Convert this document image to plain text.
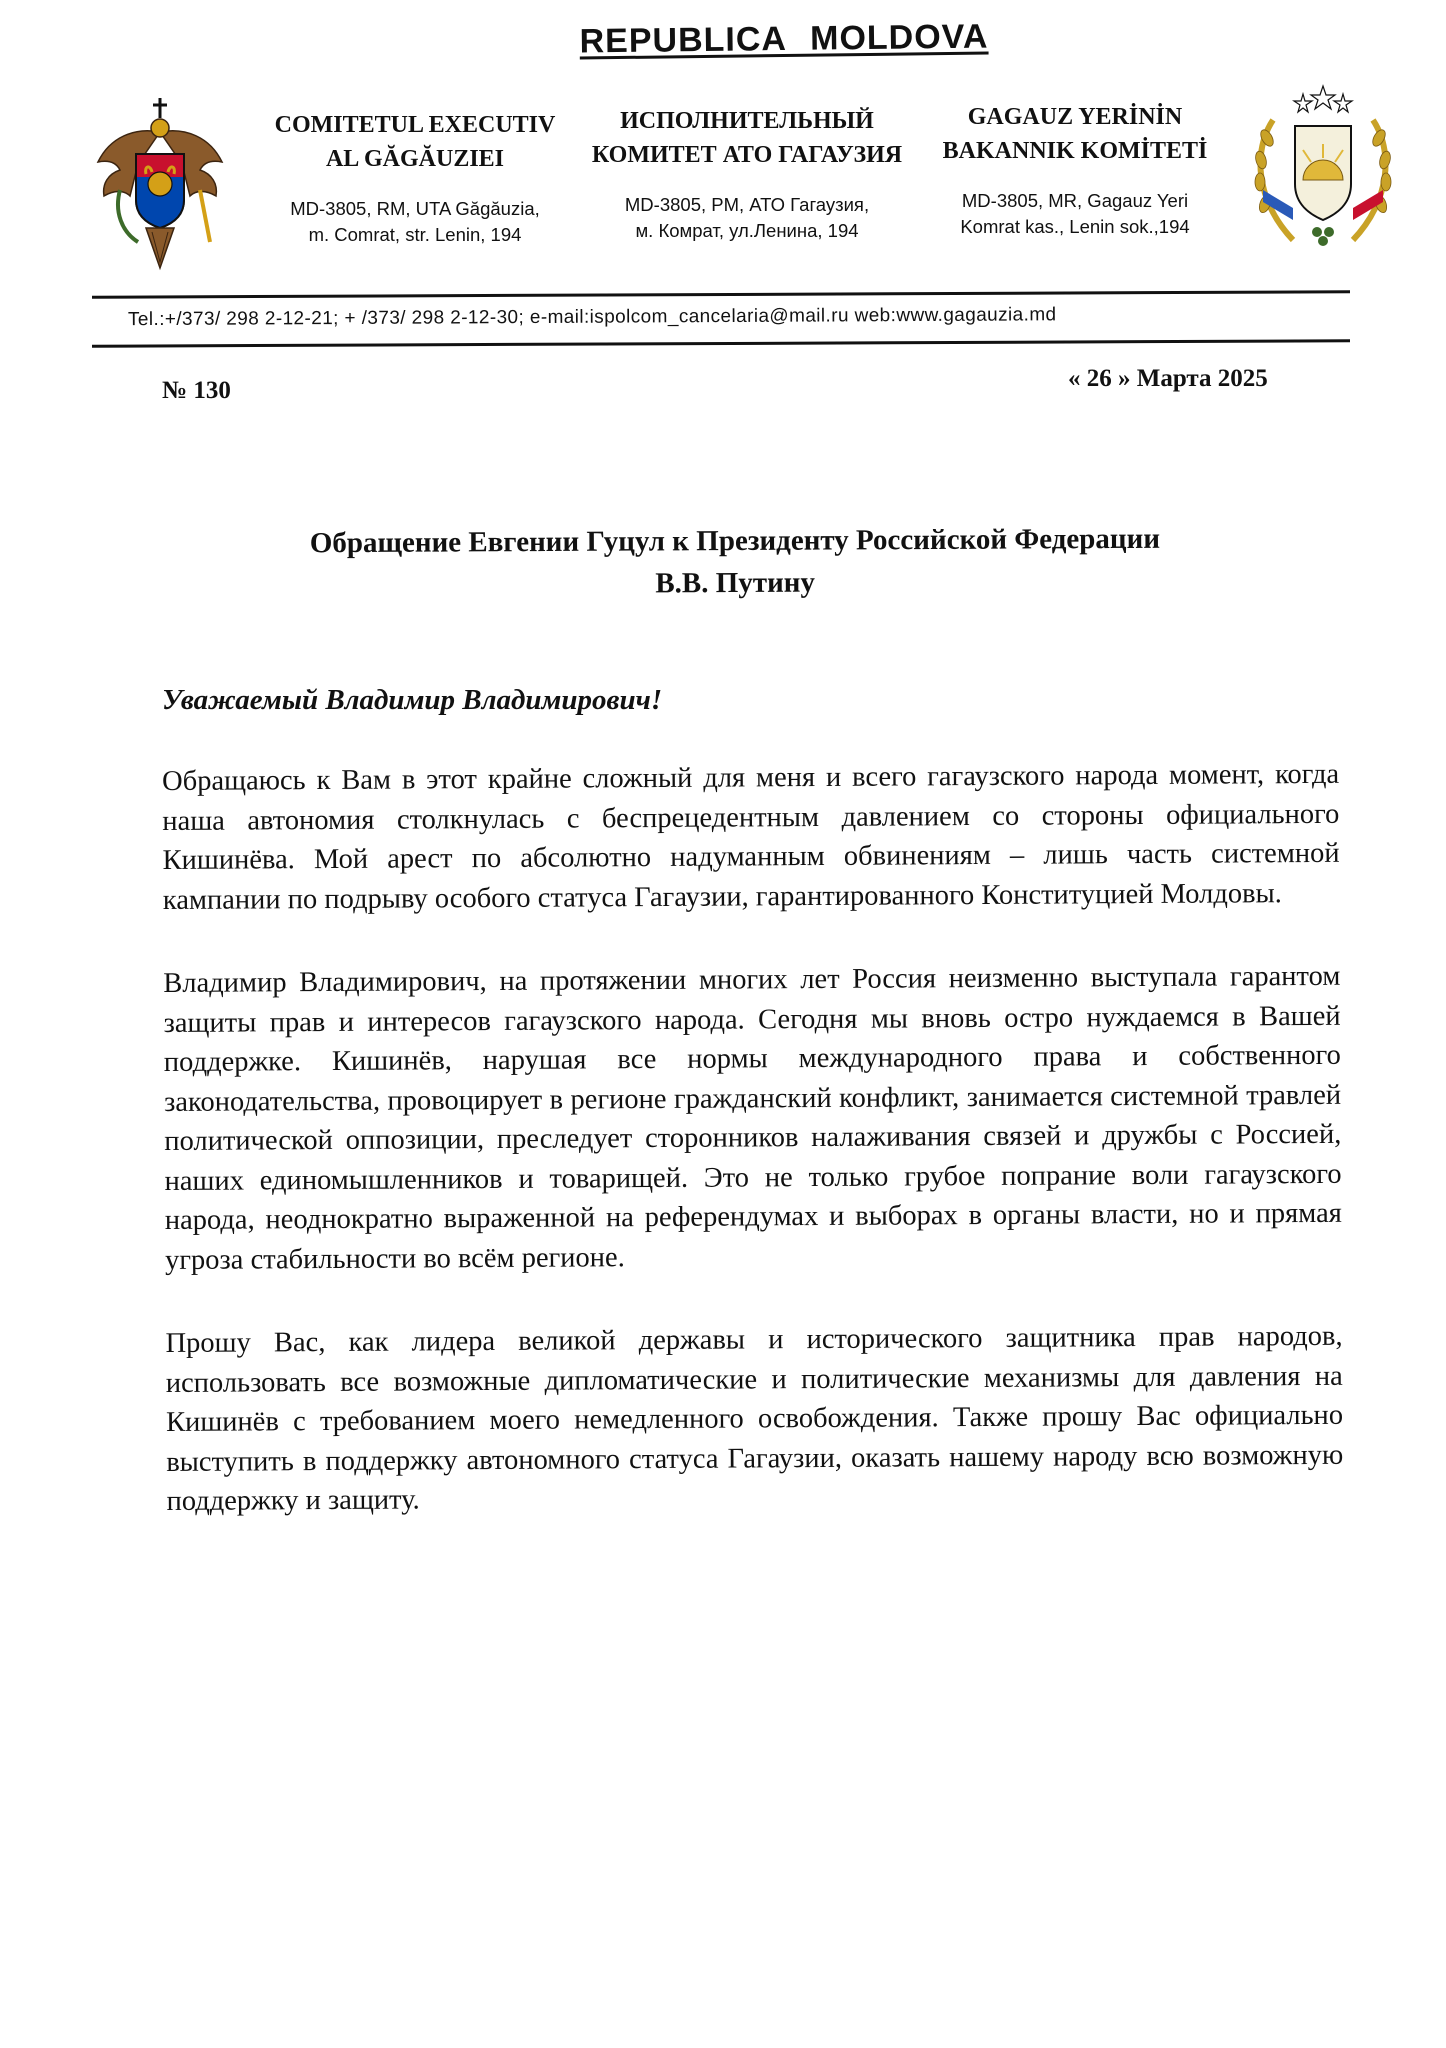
REPUBLICA MOLDOVA
COMITETUL EXECUTIV
AL GĂGĂUZIEI
MD-3805, RM, UTA Găgăuzia,
m. Comrat, str. Lenin, 194
ИСПОЛНИТЕЛЬНЫЙ
КОМИТЕТ АТО ГАГАУЗИЯ
MD-3805, PM, АТО Гагаузия,
м. Комрат, ул.Ленина, 194
GAGAUZ YERİNİN
BAKANNIK KOMİTETİ
MD-3805, MR, Gagauz Yeri
Komrat kas., Lenin sok.,194
Tel.:+/373/ 298 2-12-21; + /373/ 298 2-12-30; e-mail:ispolcom_cancelaria@mail.ru web:www.gagauzia.md
№ 130	« 26 » Марта 2025
Обращение Евгении Гуцул к Президенту Российской Федерации
В.В. Путину
Уважаемый Владимир Владимирович!

Обращаюсь к Вам в этот крайне сложный для меня и всего гагаузского народа момент, когда наша автономия столкнулась с беспрецедентным давлением со стороны официального Кишинёва. Мой арест по абсолютно надуманным обвинениям – лишь часть системной кампании по подрыву особого статуса Гагаузии, гарантированного Конституцией Молдовы.

Владимир Владимирович, на протяжении многих лет Россия неизменно выступала гарантом защиты прав и интересов гагаузского народа. Сегодня мы вновь остро нуждаемся в Вашей поддержке. Кишинёв, нарушая все нормы международного права и собственного законодательства, провоцирует в регионе гражданский конфликт, занимается системной травлей политической оппозиции, преследует сторонников налаживания связей и дружбы с Россией, наших единомышленников и товарищей. Это не только грубое попрание воли гагаузского народа, неоднократно выраженной на референдумах и выборах в органы власти, но и прямая угроза стабильности во всём регионе.

Прошу Вас, как лидера великой державы и исторического защитника прав народов, использовать все возможные дипломатические и политические механизмы для давления на Кишинёв с требованием моего немедленного освобождения. Также прошу Вас официально выступить в поддержку автономного статуса Гагаузии, оказать нашему народу всю возможную поддержку и защиту.
